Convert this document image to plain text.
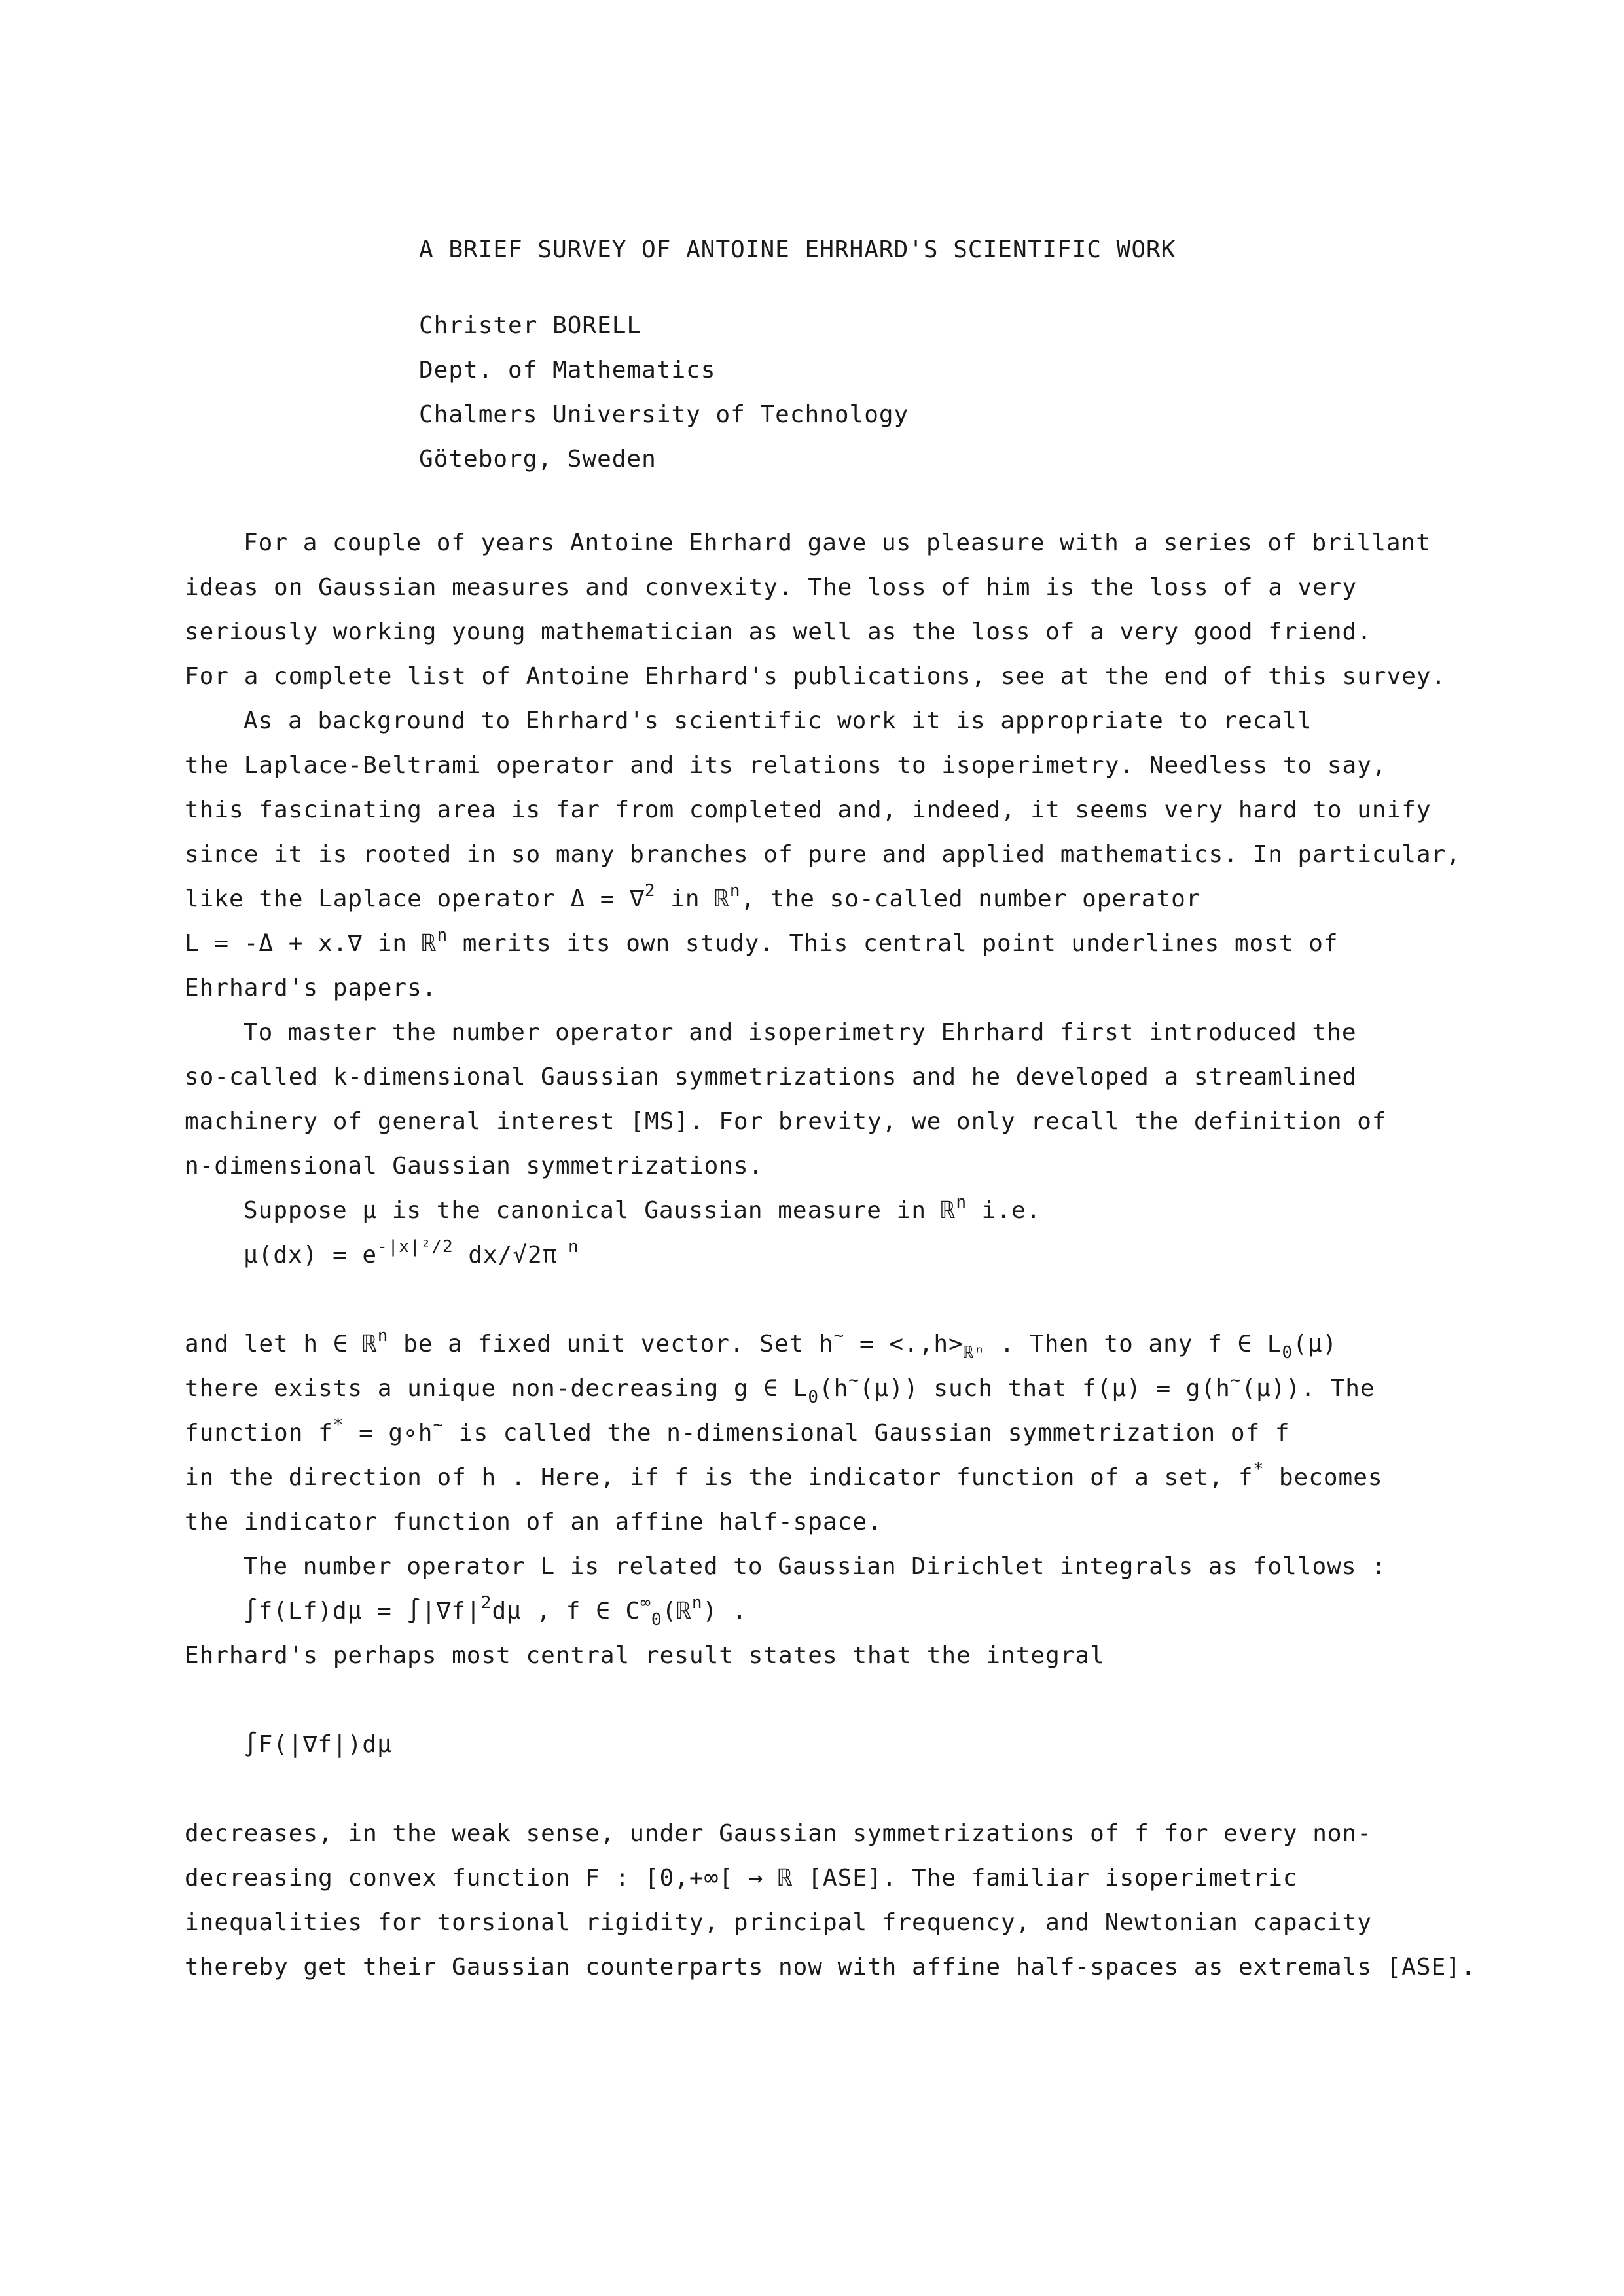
A BRIEF SURVEY OF ANTOINE EHRHARD'S SCIENTIFIC WORK
Christer BORELL
Dept. of Mathematics
Chalmers University of Technology
Göteborg, Sweden
For a couple of years Antoine Ehrhard gave us pleasure with a series of brillant
ideas on Gaussian measures and convexity. The loss of him is the loss of a very
seriously working young mathematician as well as the loss of a very good friend.
For a complete list of Antoine Ehrhard's publications, see at the end of this survey.
As a background to Ehrhard's scientific work it is appropriate to recall
the Laplace-Beltrami operator and its relations to isoperimetry. Needless to say,
this fascinating area is far from completed and, indeed, it seems very hard to unify
since it is rooted in so many branches of pure and applied mathematics. In particular,
like the Laplace operator Δ = ∇$^2$ in ℝ$^n$, the so-called number operator
L = -Δ + x.∇ in ℝ$^n$ merits its own study. This central point underlines most of
Ehrhard's papers.
To master the number operator and isoperimetry Ehrhard first introduced the
so-called k-dimensional Gaussian symmetrizations and he developed a streamlined
machinery of general interest [MS]. For brevity, we only recall the definition of
n-dimensional Gaussian symmetrizations.
Suppose μ is the canonical Gaussian measure in ℝ$^n$ i.e.
$\mu(dx) = e^{-|x|^2/2}$ dx/√2π $^n$
and let h ∈ ℝ$^n$ be a fixed unit vector. Set $h^\sim = <.,h>_{ℝ^n}$ . Then to any f ∈ $L_0(\mu)$
there exists a unique non-decreasing g ∈ $L_0(h^\sim(\mu))$ such that f(μ) = g(h~(μ)). The
function f* = g∘h~ is called the n-dimensional Gaussian symmetrization of f
in the direction of h . Here, if f is the indicator function of a set, f* becomes
the indicator function of an affine half-space.
The number operator L is related to Gaussian Dirichlet integrals as follows :
$\int f(Lf)d\mu = \int|\nabla f|^2d\mu$ , f ∈ $C^\infty_0(ℝ^n)$ .
Ehrhard's perhaps most central result states that the integral
∫F(|∇f|)dμ
decreases, in the weak sense, under Gaussian symmetrizations of f for every non-
decreasing convex function F : [0,+∞[ → ℝ [ASE]. The familiar isoperimetric
inequalities for torsional rigidity, principal frequency, and Newtonian capacity
thereby get their Gaussian counterparts now with affine half-spaces as extremals [ASE].
